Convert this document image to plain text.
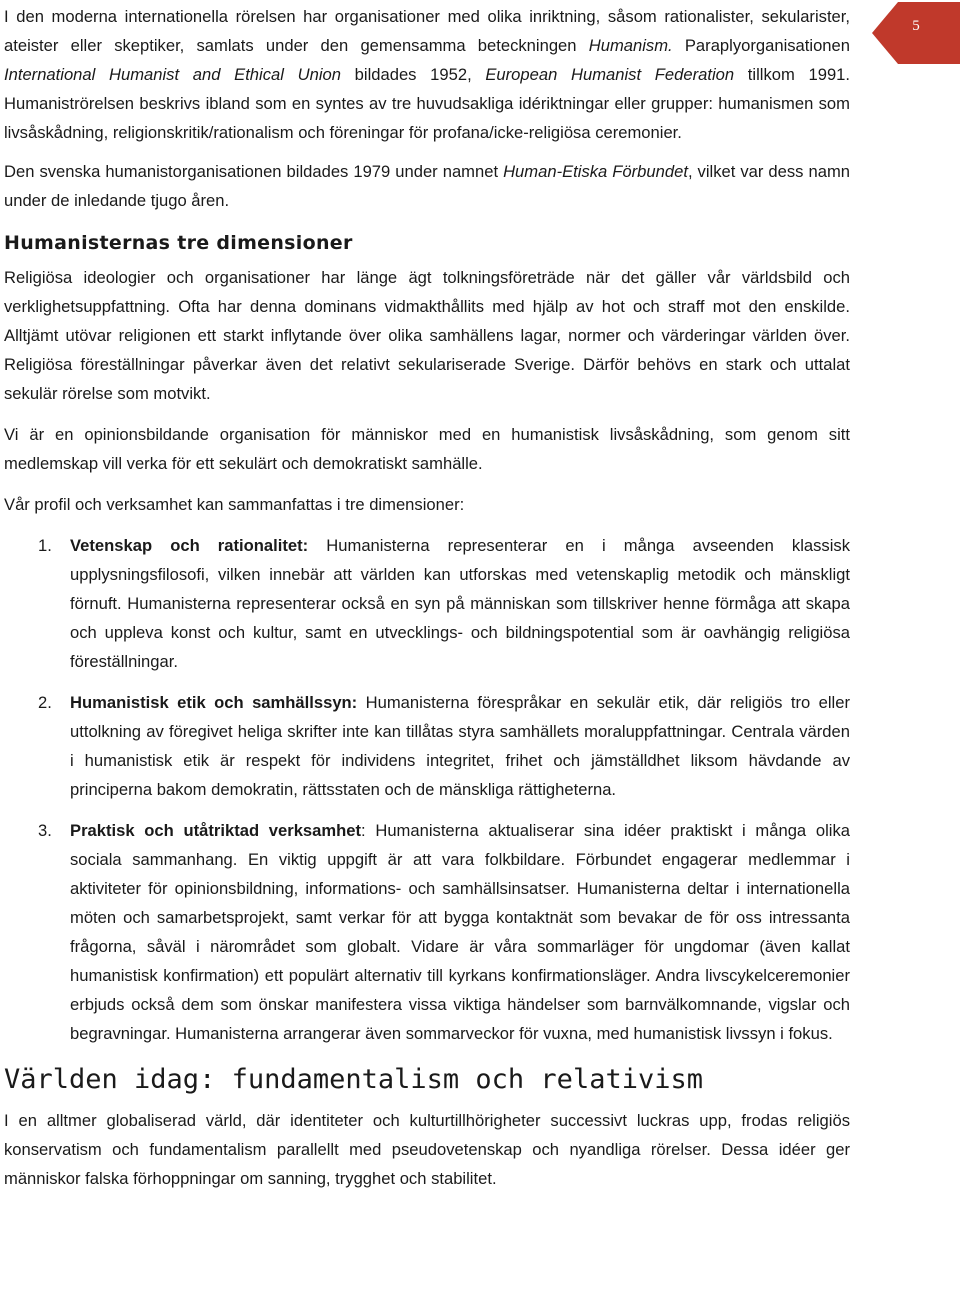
5

I den moderna internationella rörelsen har organisationer med olika inriktning, såsom rationalister, sekularister, ateister eller skeptiker, samlats under den gemensamma beteckningen Humanism. Paraplyorganisationen International Humanist and Ethical Union bildades 1952, European Humanist Federation tillkom 1991. Humaniströrelsen beskrivs ibland som en syntes av tre huvudsakliga idériktningar eller grupper: humanismen som livsåskådning, religionskritik/rationalism och föreningar för profana/icke-religiösa ceremonier.

Den svenska humanistorganisationen bildades 1979 under namnet Human-Etiska Förbundet, vilket var dess namn under de inledande tjugo åren.

Humanisternas tre dimensioner

Religiösa ideologier och organisationer har länge ägt tolkningsföreträde när det gäller vår världsbild och verklighetsuppfattning. Ofta har denna dominans vidmakthållits med hjälp av hot och straff mot den enskilde. Alltjämt utövar religionen ett starkt inflytande över olika samhällens lagar, normer och värderingar världen över. Religiösa föreställningar påverkar även det relativt sekulariserade Sverige. Därför behövs en stark och uttalat sekulär rörelse som motvikt.

Vi är en opinionsbildande organisation för människor med en humanistisk livsåskådning, som genom sitt medlemskap vill verka för ett sekulärt och demokratiskt samhälle.

Vår profil och verksamhet kan sammanfattas i tre dimensioner:

1. Vetenskap och rationalitet: Humanisterna representerar en i många avseenden klassisk upplysningsfilosofi, vilken innebär att världen kan utforskas med vetenskaplig metodik och mänskligt förnuft. Humanisterna representerar också en syn på människan som tillskriver henne förmåga att skapa och uppleva konst och kultur, samt en utvecklings- och bildningspotential som är oavhängig religiösa föreställningar.

2. Humanistisk etik och samhällssyn: Humanisterna förespråkar en sekulär etik, där religiös tro eller uttolkning av föregivet heliga skrifter inte kan tillåtas styra samhällets moraluppfattningar. Centrala värden i humanistisk etik är respekt för individens integritet, frihet och jämställdhet liksom hävdande av principerna bakom demokratin, rättsstaten och de mänskliga rättigheterna.

3. Praktisk och utåtriktad verksamhet: Humanisterna aktualiserar sina idéer praktiskt i många olika sociala sammanhang. En viktig uppgift är att vara folkbildare. Förbundet engagerar medlemmar i aktiviteter för opinionsbildning, informations- och samhällsinsatser. Humanisterna deltar i internationella möten och samarbetsprojekt, samt verkar för att bygga kontaktnät som bevakar de för oss intressanta frågorna, såväl i närområdet som globalt. Vidare är våra sommarläger för ungdomar (även kallat humanistisk konfirmation) ett populärt alternativ till kyrkans konfirmationsläger. Andra livscykelceremonier erbjuds också dem som önskar manifestera vissa viktiga händelser som barnvälkomnande, vigslar och begravningar. Humanisterna arrangerar även sommarveckor för vuxna, med humanistisk livssyn i fokus.

Världen idag: fundamentalism och relativism

I en alltmer globaliserad värld, där identiteter och kulturtillhörigheter successivt luckras upp, frodas religiös konservatism och fundamentalism parallellt med pseudovetenskap och nyandliga rörelser. Dessa idéer ger människor falska förhoppningar om sanning, trygghet och stabilitet.
